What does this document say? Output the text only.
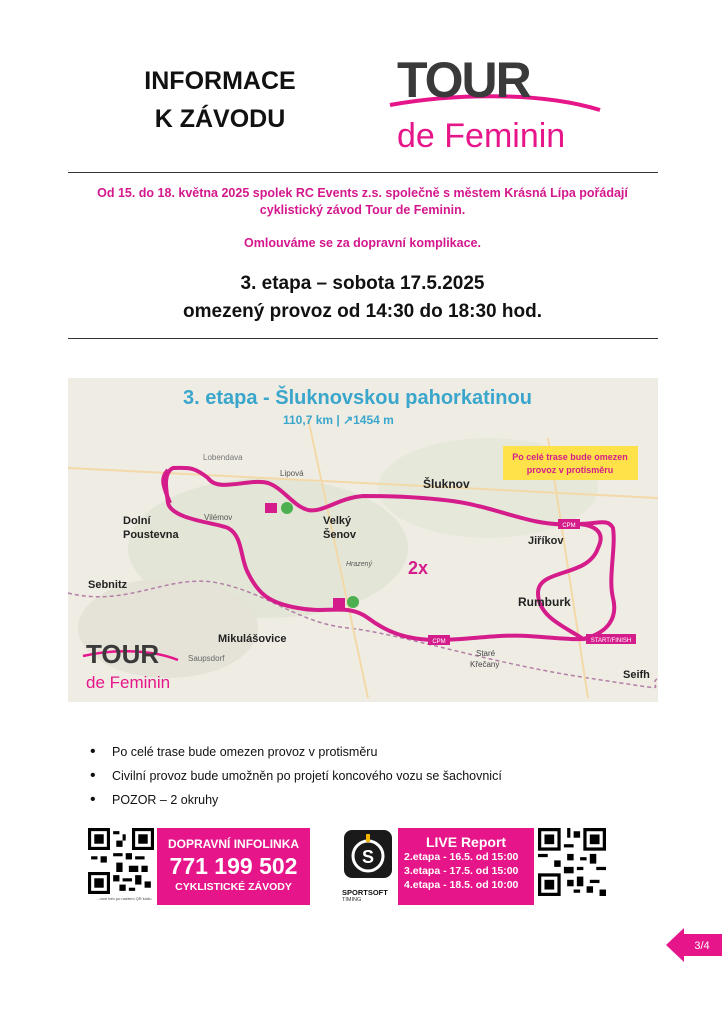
INFORMACE
K ZÁVODU
TOUR
de Feminin
Od 15. do 18. května 2025 spolek RC Events z.s. společně s městem Krásná Lípa pořádají
cyklistický závod Tour de Feminin.
Omlouváme se za dopravní komplikace.
3. etapa – sobota 17.5.2025
omezený provoz od 14:30 do 18:30 hod.
3. etapa - Šluknovskou pahorkatinou
110,7 km | ↗1454 m
Po celé trase bude omezen
provoz v protisměru
2x
Lobendava
Lipová
Šluknov
Dolní
Poustevna
Vilémov	Velký
Šenov	Jiříkov
Sebnitz
Hrazený
Rumburk
Mikulášovice
Saupsdorf
Staré
Křečany
Seifh
CPM
CPM
START/FINISH
TOUR
de Feminin
• Po celé trase bude omezen provoz v protisměru
• Civilní provoz bude umožněn po projetí koncového vozu se šachovnicí
• POZOR – 2 okruhy
...více info po načtení QR kódu
DOPRAVNÍ INFOLINKA
771 199 502
CYKLISTICKÉ ZÁVODY
S
SPORTSOFT
TIMING
LIVE Report
2.etapa - 16.5. od 15:00
3.etapa - 17.5. od 15:00
4.etapa - 18.5. od 10:00
3/4
